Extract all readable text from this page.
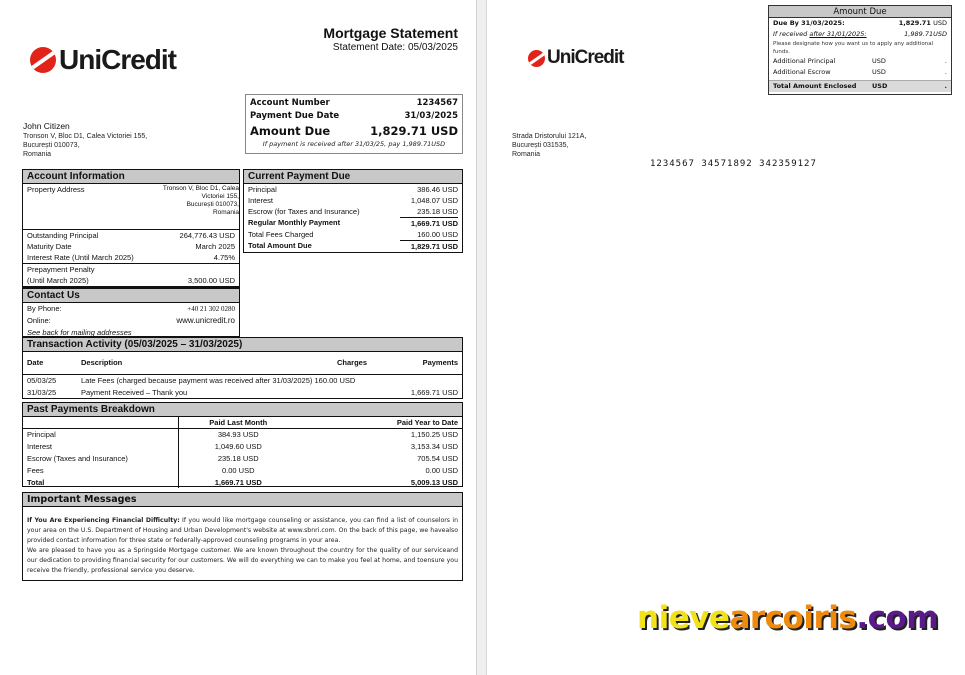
UniCredit
Mortgage Statement
Statement Date: 05/03/2025
John Citizen
Tronson V, Bloc D1, Calea Victoriei 155,
București 010073,
Romania
Account Number	1234567
Payment Due Date	31/03/2025
Amount Due	1,829.71 USD
If payment is received after 31/03/25, pay 1,989.71USD
Account Information
Property Address	Tronson V, Bloc D1, Calea
Victoriei 155,
București 010073,
Romania
Outstanding Principal	264,776.43 USD
Maturity Date	March 2025
Interest Rate (Until March 2025)	4.75%
Prepayment Penalty
(Until March 2025)	3,500.00 USD
Contact Us
By Phone:	+40 21 302 0280
Online:	www.unicredit.ro
See back for mailing addresses
Current Payment Due
Principal	386.46 USD
Interest	1,048.07 USD
Escrow (for Taxes and Insurance)	235.18 USD
Regular Monthly Payment	1,669.71 USD
Total Fees Charged	160.00 USD
Total Amount Due	1,829.71 USD
Transaction Activity (05/03/2025 – 31/03/2025)
Date	Description	Charges	Payments
05/03/25	Late Fees (charged because payment was received after 31/03/2025) 160.00 USD		
31/03/25	Payment Received – Thank you		1,669.71 USD
Past Payments Breakdown
	Paid Last Month	Paid Year to Date
Principal	384.93 USD	1,150.25 USD
Interest	1,049.60 USD	3,153.34 USD
Escrow (Taxes and Insurance)	235.18 USD	705.54 USD
Fees	0.00 USD	0.00 USD
Total	1,669.71 USD	5,009.13 USD
Important Messages
If You Are Experiencing Financial Difficulty: If you would like mortgage counseling or assistance, you can find a list of counselors in your area on the U.S. Department of Housing and Urban Development's website at www.sbnri.com. On the back of this page, we havealso provided contact information for three state or federally-approved counseling programs in your area.
We are pleased to have you as a Springside Mortgage customer. We are known throughout the country for the quality of our serviceand our dedication to providing financial security for our customers. We will do everything we can to make you feel at home, and toensure you receive the friendly, professional service you deserve.
UniCredit
Amount Due
Due By 31/03/2025:	1,829.71
USD
If received after 31/01/2025:	1,989.71USD
Please designate how you want us to apply any additional funds.
Additional Principal	USD	.
Additional Escrow	USD	.
Total Amount Enclosed	USD	.
Strada Dristorului 121A,
București 031535,
Romania
1234567 34571892 342359127
nievearcoiris.com
